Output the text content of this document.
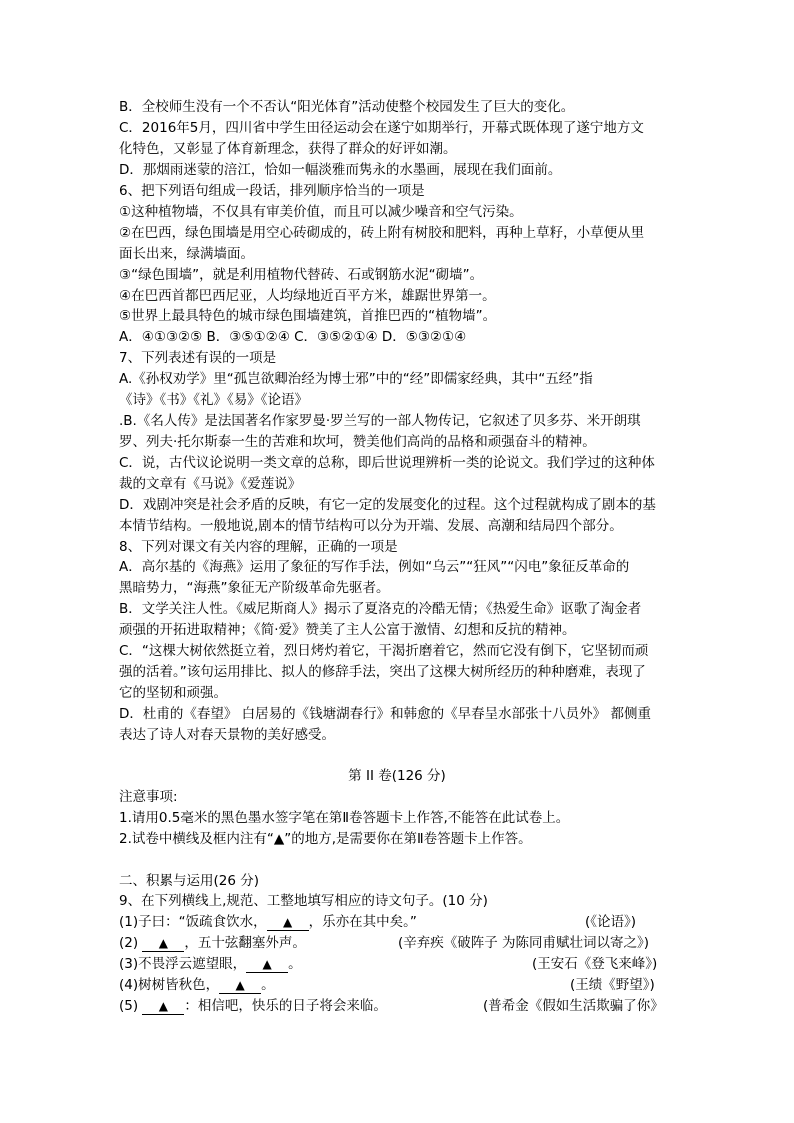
B．全校师生没有一个不否认“阳光体育”活动使整个校园发生了巨大的变化。
C．2016年5月，四川省中学生田径运动会在遂宁如期举行，开幕式既体现了遂宁地方文
化特色，又彰显了体育新理念，获得了群众的好评如潮。
D．那烟雨迷蒙的涪江，恰如一幅淡雅而隽永的水墨画，展现在我们面前。
6、把下列语句组成一段话，排列顺序恰当的一项是
①这种植物墙，不仅具有审美价值，而且可以减少噪音和空气污染。
②在巴西，绿色围墙是用空心砖砌成的，砖上附有树胶和肥料，再种上草籽，小草便从里
面长出来，绿满墙面。
③“绿色围墙”，就是利用植物代替砖、石或钢筋水泥“砌墙”。
④在巴西首都巴西尼亚，人均绿地近百平方米，雄踞世界第一。
⑤世界上最具特色的城市绿色围墙建筑，首推巴西的“植物墙”。
A．④①③②⑤ B．③⑤①②④ C．③⑤②①④ D．⑤③②①④
7、下列表述有误的一项是
A.《孙权劝学》里“孤岂欲卿治经为博士邪”中的“经”即儒家经典，其中“五经”指
《诗》《书》《礼》《易》《论语》
.B.《名人传》是法国著名作家罗曼·罗兰写的一部人物传记，它叙述了贝多芬、米开朗琪
罗、列夫·托尔斯泰一生的苦难和坎坷，赞美他们高尚的品格和顽强奋斗的精神。
C．说，古代议论说明一类文章的总称，即后世说理辨析一类的论说文。我们学过的这种体
裁的文章有《马说》《爱莲说》
D．戏剧冲突是社会矛盾的反映，有它一定的发展变化的过程。这个过程就构成了剧本的基
本情节结构。一般地说,剧本的情节结构可以分为开端、发展、高潮和结局四个部分。
8、下列对课文有关内容的理解，正确的一项是
A．高尔基的《海燕》运用了象征的写作手法，例如“乌云”“狂风”“闪电”象征反革命的
黑暗势力，“海燕”象征无产阶级革命先驱者。
B．文学关注人性。《威尼斯商人》揭示了夏洛克的冷酷无情；《热爱生命》讴歌了淘金者
顽强的开拓进取精神；《简·爱》赞美了主人公富于激情、幻想和反抗的精神。
C．“这棵大树依然挺立着，烈日烤灼着它，干渴折磨着它，然而它没有倒下，它坚韧而顽
强的活着。”该句运用排比、拟人的修辞手法，突出了这棵大树所经历的种种磨难，表现了
它的坚韧和顽强。
D．杜甫的《春望》 白居易的《钱塘湖春行》和韩愈的《早春呈水部张十八员外》 都侧重
表达了诗人对春天景物的美好感受。
第 II 卷(126 分)
注意事项:
1.请用0.5毫米的黑色墨水签字笔在第Ⅱ卷答题卡上作答,不能答在此试卷上。
2.试卷中横线及框内注有“▲”的地方,是需要你在第Ⅱ卷答题卡上作答。
二、积累与运用(26 分)
9、在下列横线上,规范、工整地填写相应的诗文句子。(10 分)
(1)子曰：“饭疏食饮水， ▲ ，乐亦在其中矣。”	(《论语》)
(2) ▲ ，五十弦翻塞外声。	(辛弃疾《破阵子 为陈同甫赋壮词以寄之》)
(3)不畏浮云遮望眼， ▲ 。	(王安石《登飞来峰》)
(4)树树皆秋色， ▲ 。	(王绩《野望》)
(5) ▲ ：相信吧，快乐的日子将会来临。	(普希金《假如生活欺骗了你》
